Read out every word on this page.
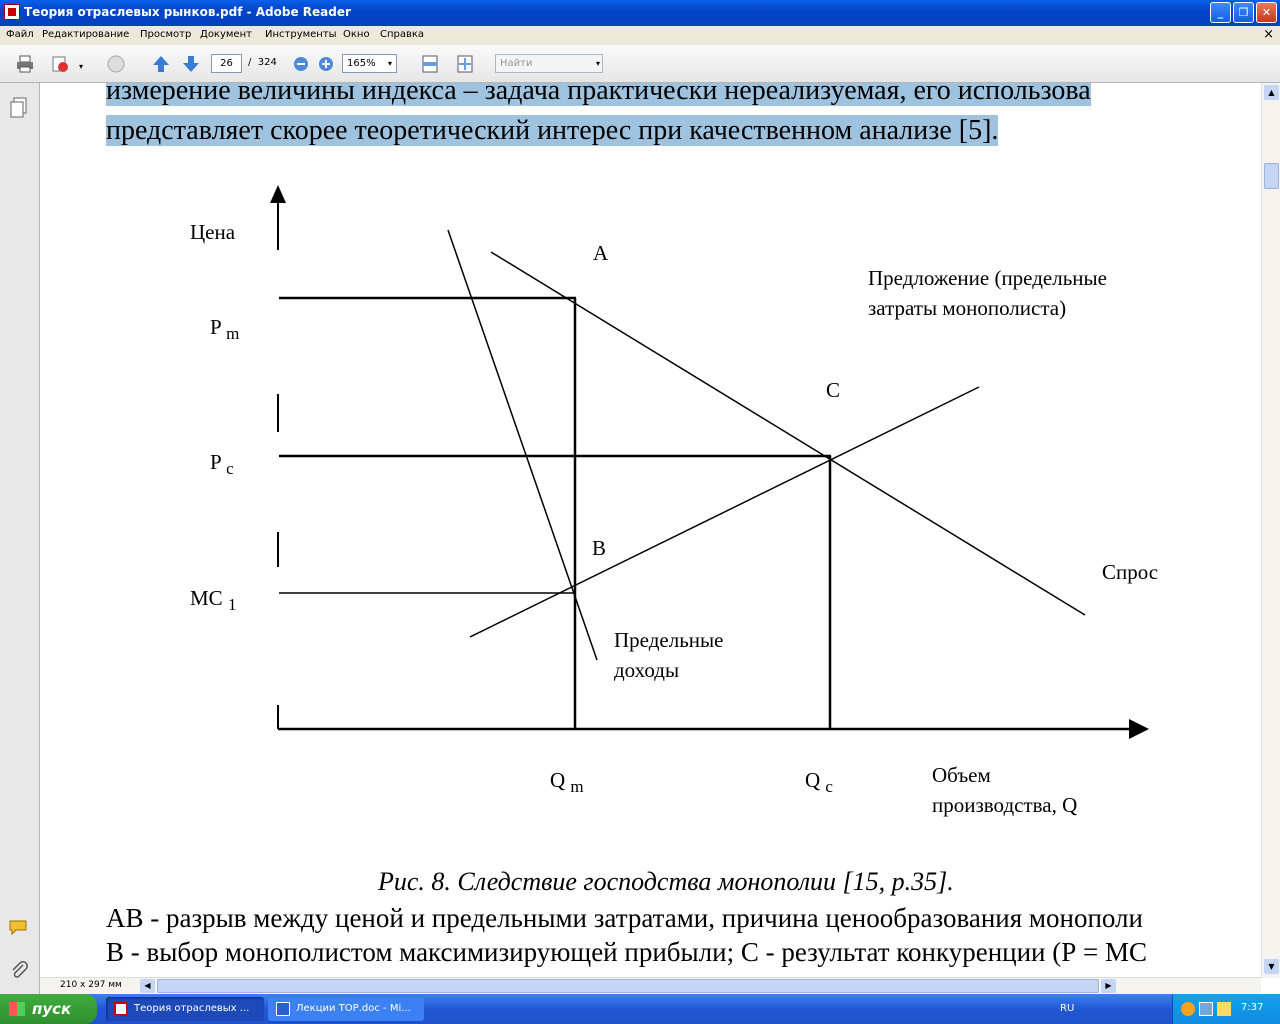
Теория отраслевых рынков.pdf - Adobe Reader	_	❐	✕
Файл Редактирование Просмотр Документ Инструменты Окно Справка	×
▾	26	/ 324	165%	▾	Найти	▾
измерение величины индекса – задача практически нереализуемая, его использова
представляет скорее теоретический интерес при качественном анализе [5].
Цена
P $_m$
P $_c$
MC $_1$
Q $_m$	Q $_c$
A
B
C
Предложение (предельные
затраты монополиста)
Спрос
Предельные
доходы
Объем
производства, Q
Рис. 8. Следствие господства монополии [15, p.35].
АВ - разрыв между ценой и предельными затратами, причина ценообразования монополи
В - выбор монополистом максимизирующей прибыли; С - результат конкуренции (Р = МС
▲
▼
210 x 297 мм	◀	▶
пуск	Теория отраслевых ...	Лекции ТОР.doc - Mi...	RU	7:37
